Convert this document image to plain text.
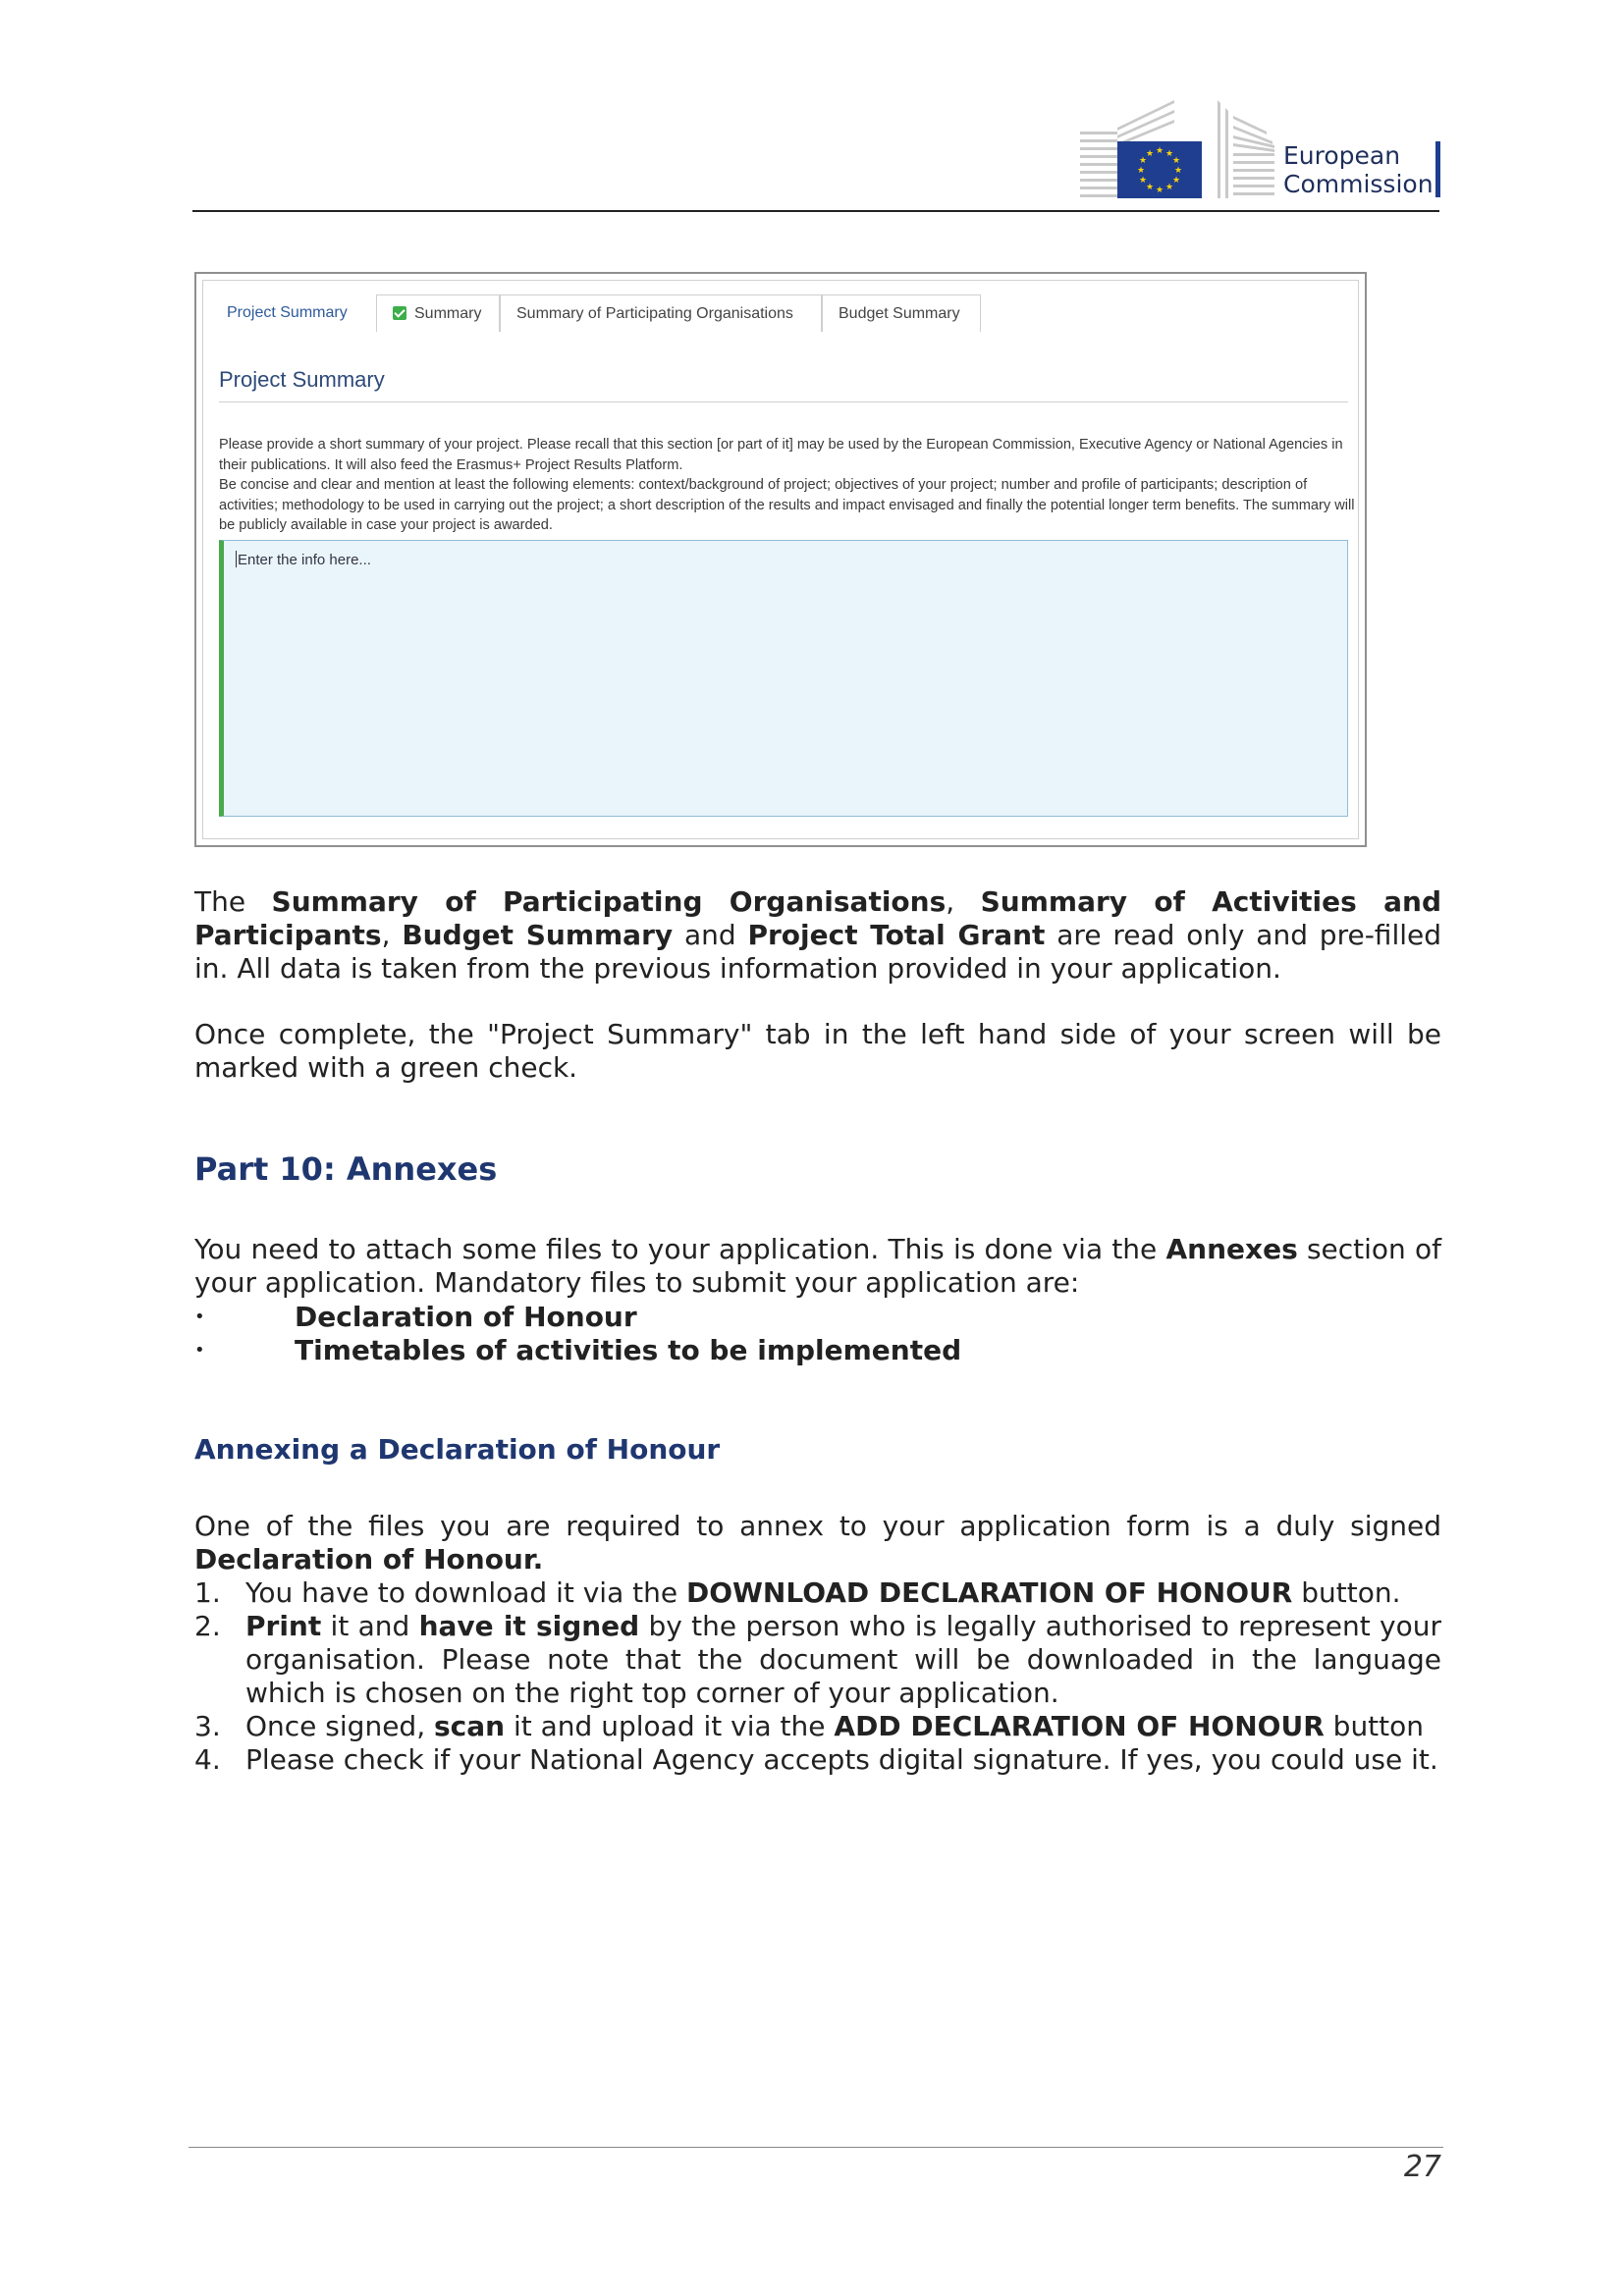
★ ★
★
★
★
★
★
★
★
★
★
★	European
Commission
Project Summary	Summary	Summary of Participating Organisations	Budget Summary
Project Summary

Please provide a short summary of your project. Please recall that this section [or part of it] may be used by the European Commission, Executive Agency or National Agencies in their publications. It will also feed the Erasmus+ Project Results Platform.

Be concise and clear and mention at least the following elements: context/background of project; objectives of your project; number and profile of participants; description of activities; methodology to be used in carrying out the project; a short description of the results and impact envisaged and finally the potential longer term benefits. The summary will be publicly available in case your project is awarded.

Enter the info here...

The Summary of Participating Organisations, Summary of Activities and Participants, Budget Summary and Project Total Grant are read only and pre-filled in. All data is taken from the previous information provided in your application.

Once complete, the "Project Summary" tab in the left hand side of your screen will be marked with a green check.

Part 10: Annexes

You need to attach some files to your application. This is done via the Annexes section of your application. Mandatory files to submit your application are:

•	Declaration of Honour
•	Timetables of activities to be implemented
Annexing a Declaration of Honour

One of the files you are required to annex to your application form is a duly signed Declaration of Honour.

1. You have to download it via the DOWNLOAD DECLARATION OF HONOUR button.
2. Print it and have it signed by the person who is legally authorised to represent your organisation. Please note that the document will be downloaded in the language which is chosen on the right top corner of your application.
3. Once signed, scan it and upload it via the ADD DECLARATION OF HONOUR button
4. Please check if your National Agency accepts digital signature. If yes, you could use it.
27
